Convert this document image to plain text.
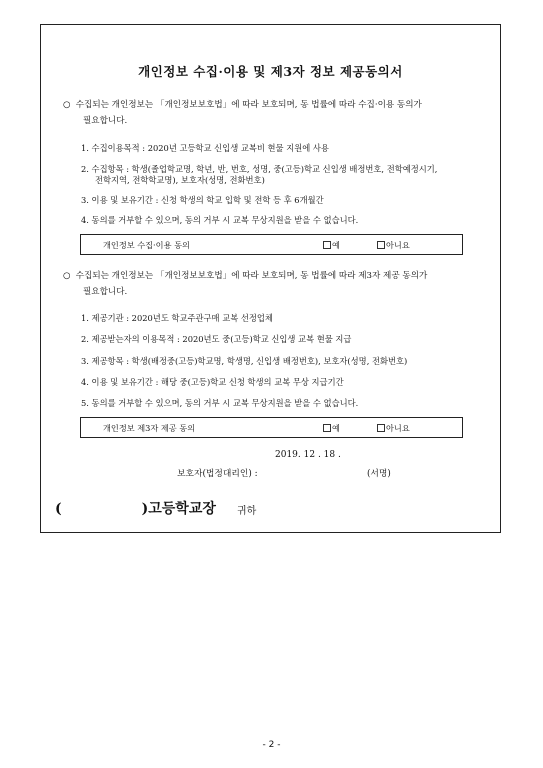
개인정보 수집·이용 및 제3자 정보 제공동의서
○ 수집되는 개인정보는 「개인정보보호법」에 따라 보호되며, 동 법률에 따라 수집·이용 동의가
필요합니다.
1. 수집이용목적 : 2020년 고등학교 신입생 교복비 현물 지원에 사용
2. 수집항목 : 학생(졸업학교명, 학년, 반, 번호, 성명, 중(고등)학교 신입생 배정번호, 전학예정시기,
전학지역, 전학학교명), 보호자(성명, 전화번호)
3. 이용 및 보유기간 : 신청 학생의 학교 입학 및 전학 등 후 6개월간
4. 동의를 거부할 수 있으며, 동의 거부 시 교복 무상지원을 받을 수 없습니다.
개인정보 수집·이용 동의	예	아니요
○ 수집되는 개인정보는 「개인정보보호법」에 따라 보호되며, 동 법률에 따라 제3자 제공 동의가
필요합니다.
1. 제공기관 : 2020년도 학교주관구매 교복 선정업체
2. 제공받는자의 이용목적 : 2020년도 중(고등)학교 신입생 교복 현물 지급
3. 제공항목 : 학생(배정중(고등)학교명, 학생명, 신입생 배정번호), 보호자(성명, 전화번호)
4. 이용 및 보유기간 : 해당 중(고등)학교 신청 학생의 교복 무상 지급기간
5. 동의를 거부할 수 있으며, 동의 거부 시 교복 무상지원을 받을 수 없습니다.
개인정보 제3자 제공 동의	예	아니요
2019. 12 . 18 .
보호자(법정대리인) :	(서명)
(	)고등학교장 귀하
- 2 -
